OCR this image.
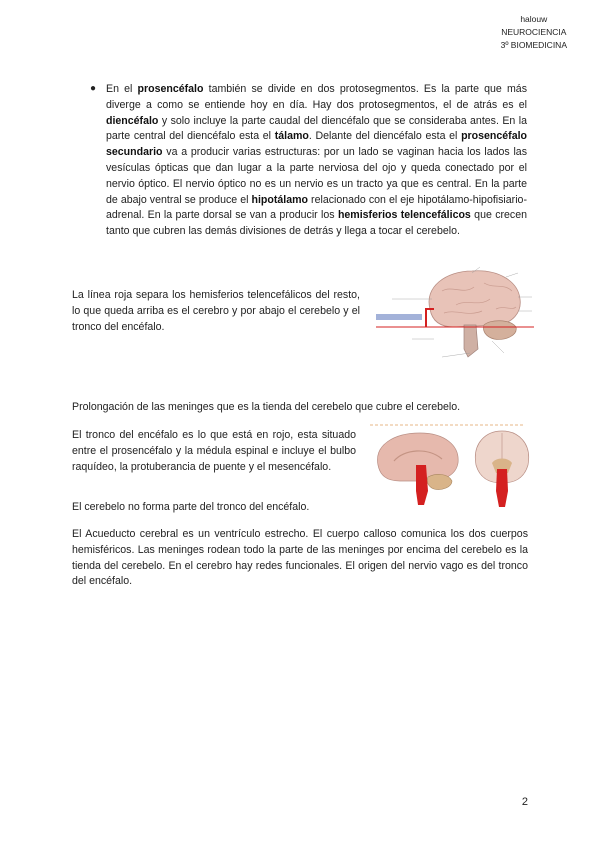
halouw
NEUROCIENCIA
3º BIOMEDICINA
● En el prosencéfalo también se divide en dos protosegmentos. Es la parte que más diverge a como se entiende hoy en día. Hay dos protosegmentos, el de atrás es el diencéfalo y solo incluye la parte caudal del diencéfalo que se consideraba antes. En la parte central del diencéfalo esta el tálamo. Delante del diencéfalo esta el prosencéfalo secundario va a producir varias estructuras: por un lado se vaginan hacia los lados las vesículas ópticas que dan lugar a la parte nerviosa del ojo y queda conectado por el nervio óptico. El nervio óptico no es un nervio es un tracto ya que es central. En la parte de abajo ventral se produce el hipotálamo relacionado con el eje hipotálamo-hipofisiario-adrenal. En la parte dorsal se van a producir los hemisferios telencefálicos que crecen tanto que cubren las demás divisiones de detrás y llega a tocar el cerebelo.
La línea roja separa los hemisferios telencefálicos del resto, lo que queda arriba es el cerebro y por abajo el cerebelo y el tronco del encéfalo.
Prolongación de las meninges que es la tienda del cerebelo que cubre el cerebelo.
El tronco del encéfalo es lo que está en rojo, esta situado entre el prosencéfalo y la médula espinal e incluye el bulbo raquídeo, la protuberancia de puente y el mesencéfalo.
El cerebelo no forma parte del tronco del encéfalo.
El Acueducto cerebral es un ventrículo estrecho. El cuerpo calloso comunica los dos cuerpos hemisféricos. Las meninges rodean todo la parte de las meninges por encima del cerebelo es la tienda del cerebelo. En el cerebro hay redes funcionales. El origen del nervio vago es del tronco del encéfalo.
2
